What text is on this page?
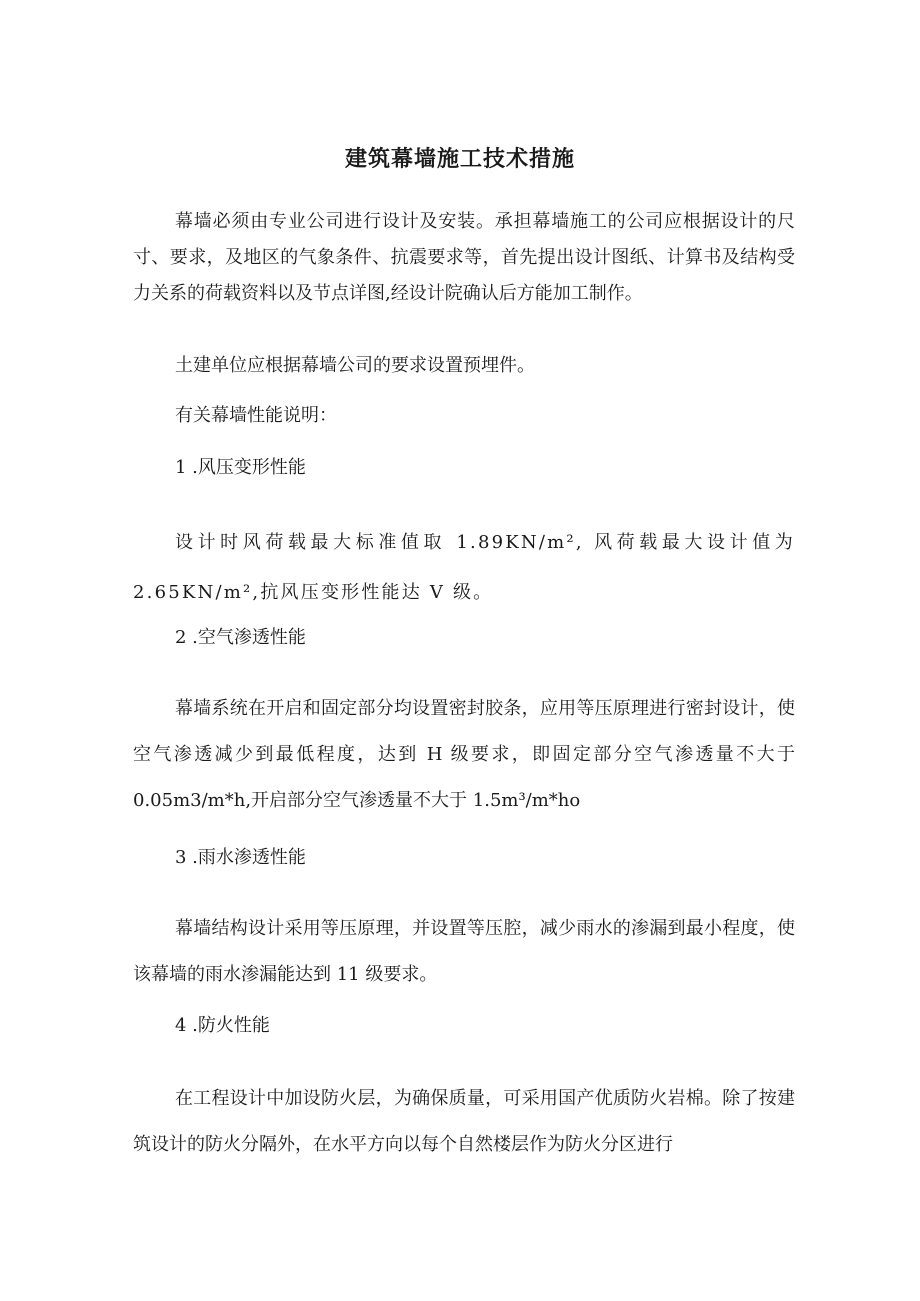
建筑幕墙施工技术措施

幕墙必须由专业公司进行设计及安装。承担幕墙施工的公司应根据设计的尺寸、要求，及地区的气象条件、抗震要求等，首先提出设计图纸、计算书及结构受力关系的荷载资料以及节点详图,经设计院确认后方能加工制作。

土建单位应根据幕墙公司的要求设置预埋件。

有关幕墙性能说明：

1 .风压变形性能

设计时风荷载最大标准值取 1.89KN∕m², 风荷载最大设计值为 2.65KN∕m²,抗风压变形性能达 V 级。

2 .空气渗透性能

幕墙系统在开启和固定部分均设置密封胶条，应用等压原理进行密封设计，使空气渗透减少到最低程度，达到 H 级要求，即固定部分空气渗透量不大于 0.05m3∕m*h,开启部分空气渗透量不大于 1.5m³∕m*ho

3 .雨水渗透性能

幕墙结构设计采用等压原理，并设置等压腔，减少雨水的渗漏到最小程度，使该幕墙的雨水渗漏能达到 11 级要求。

4 .防火性能

在工程设计中加设防火层，为确保质量，可采用国产优质防火岩棉。除了按建筑设计的防火分隔外，在水平方向以每个自然楼层作为防火分区进行
